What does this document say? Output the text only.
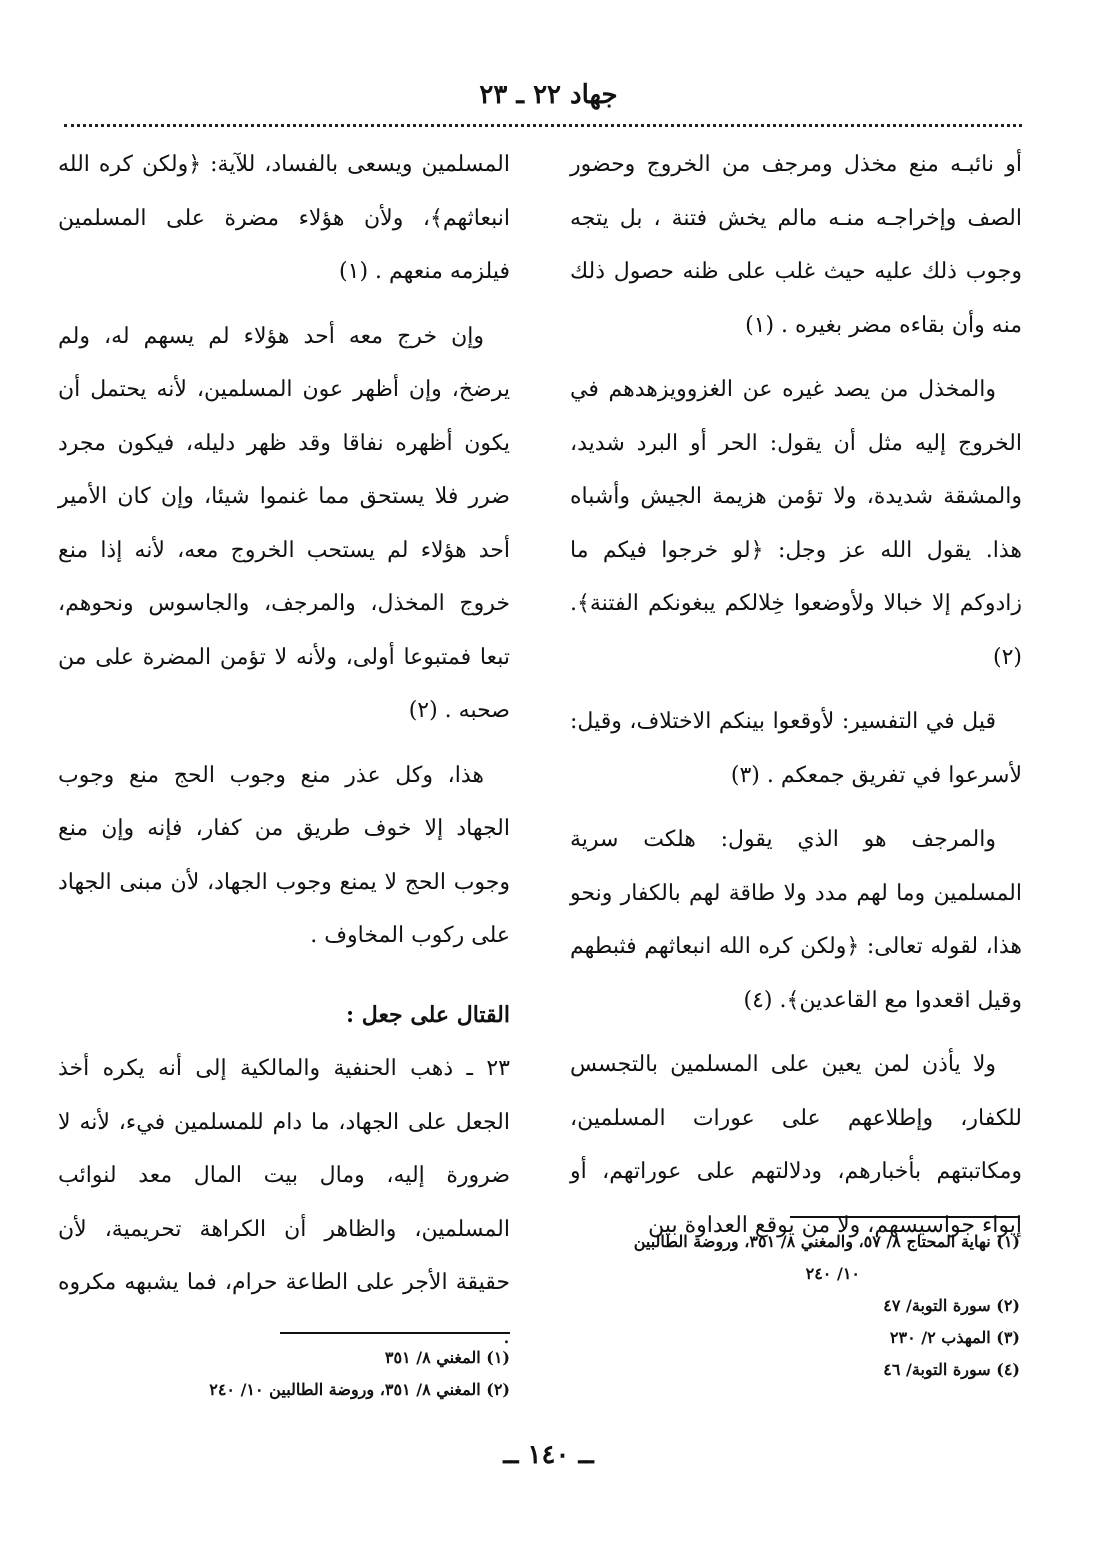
جهاد ٢٢ ـ ٢٣

أو نائبـه منع مخذل ومرجف من الخروج وحضور الصف وإخراجـه منـه مالم يخش فتنة ، بل يتجه وجوب ذلك عليه حيث غلب على ظنه حصول ذلك منه وأن بقاءه مضر بغيره . (١)

والمخذل من يصد غيره عن الغزوويزهدهم في الخروج إليه مثل أن يقول: الحر أو البرد شديد، والمشقة شديدة، ولا تؤمن هزيمة الجيش وأشباه هذا. يقول الله عز وجل: ﴿لو خرجوا فيكم ما زادوكم إلا خبالا ولأوضعوا خِلالكم يبغونكم الفتنة﴾. (٢)

قيل في التفسير: لأوقعوا بينكم الاختلاف، وقيل: لأسرعوا في تفريق جمعكم . (٣)

والمرجف هو الذي يقول: هلكت سرية المسلمين وما لهم مدد ولا طاقة لهم بالكفار ونحو هذا، لقوله تعالى: ﴿ولكن كره الله انبعاثهم فثبطهم وقيل اقعدوا مع القاعدين﴾. (٤)

ولا يأذن لمن يعين على المسلمين بالتجسس للكفار، وإطلاعهم على عورات المسلمين، ومكاتبتهم بأخبارهم، ودلالتهم على عوراتهم، أو إيواء جواسيسهم، ولا من يوقع العداوة بين

المسلمين ويسعى بالفساد، للآية: ﴿ولكن كره الله انبعاثهم﴾، ولأن هؤلاء مضرة على المسلمين فيلزمه منعهم . (١)

وإن خرج معه أحد هؤلاء لم يسهم له، ولم يرضخ، وإن أظهر عون المسلمين، لأنه يحتمل أن يكون أظهره نفاقا وقد ظهر دليله، فيكون مجرد ضرر فلا يستحق مما غنموا شيئا، وإن كان الأمير أحد هؤلاء لم يستحب الخروج معه، لأنه إذا منع خروج المخذل، والمرجف، والجاسوس ونحوهم، تبعا فمتبوعا أولى، ولأنه لا تؤمن المضرة على من صحبه . (٢)

هذا، وكل عذر منع وجوب الحج منع وجوب الجهاد إلا خوف طريق من كفار، فإنه وإن منع وجوب الحج لا يمنع وجوب الجهاد، لأن مبنى الجهاد على ركوب المخاوف .

القتال على جعل :

٢٣ ـ ذهب الحنفية والمالكية إلى أنه يكره أخذ الجعل على الجهاد، ما دام للمسلمين فيء، لأنه لا ضرورة إليه، ومال بيت المال معد لنوائب المسلمين، والظاهر أن الكراهة تحريمية، لأن حقيقة الأجر على الطاعة حرام، فما يشبهه مكروه .

(١) نهاية المحتاج ٨/ ٥٧، والمغني ٨/ ٣٥١، وروضة الطالبين

١٠/ ٢٤٠

(٢) سورة التوبة/ ٤٧

(٣) المهذب ٢/ ٢٣٠

(٤) سورة التوبة/ ٤٦

(١) المغني ٨/ ٣٥١

(٢) المغني ٨/ ٣٥١، وروضة الطالبين ١٠/ ٢٤٠

ــ ١٤٠ ــ
